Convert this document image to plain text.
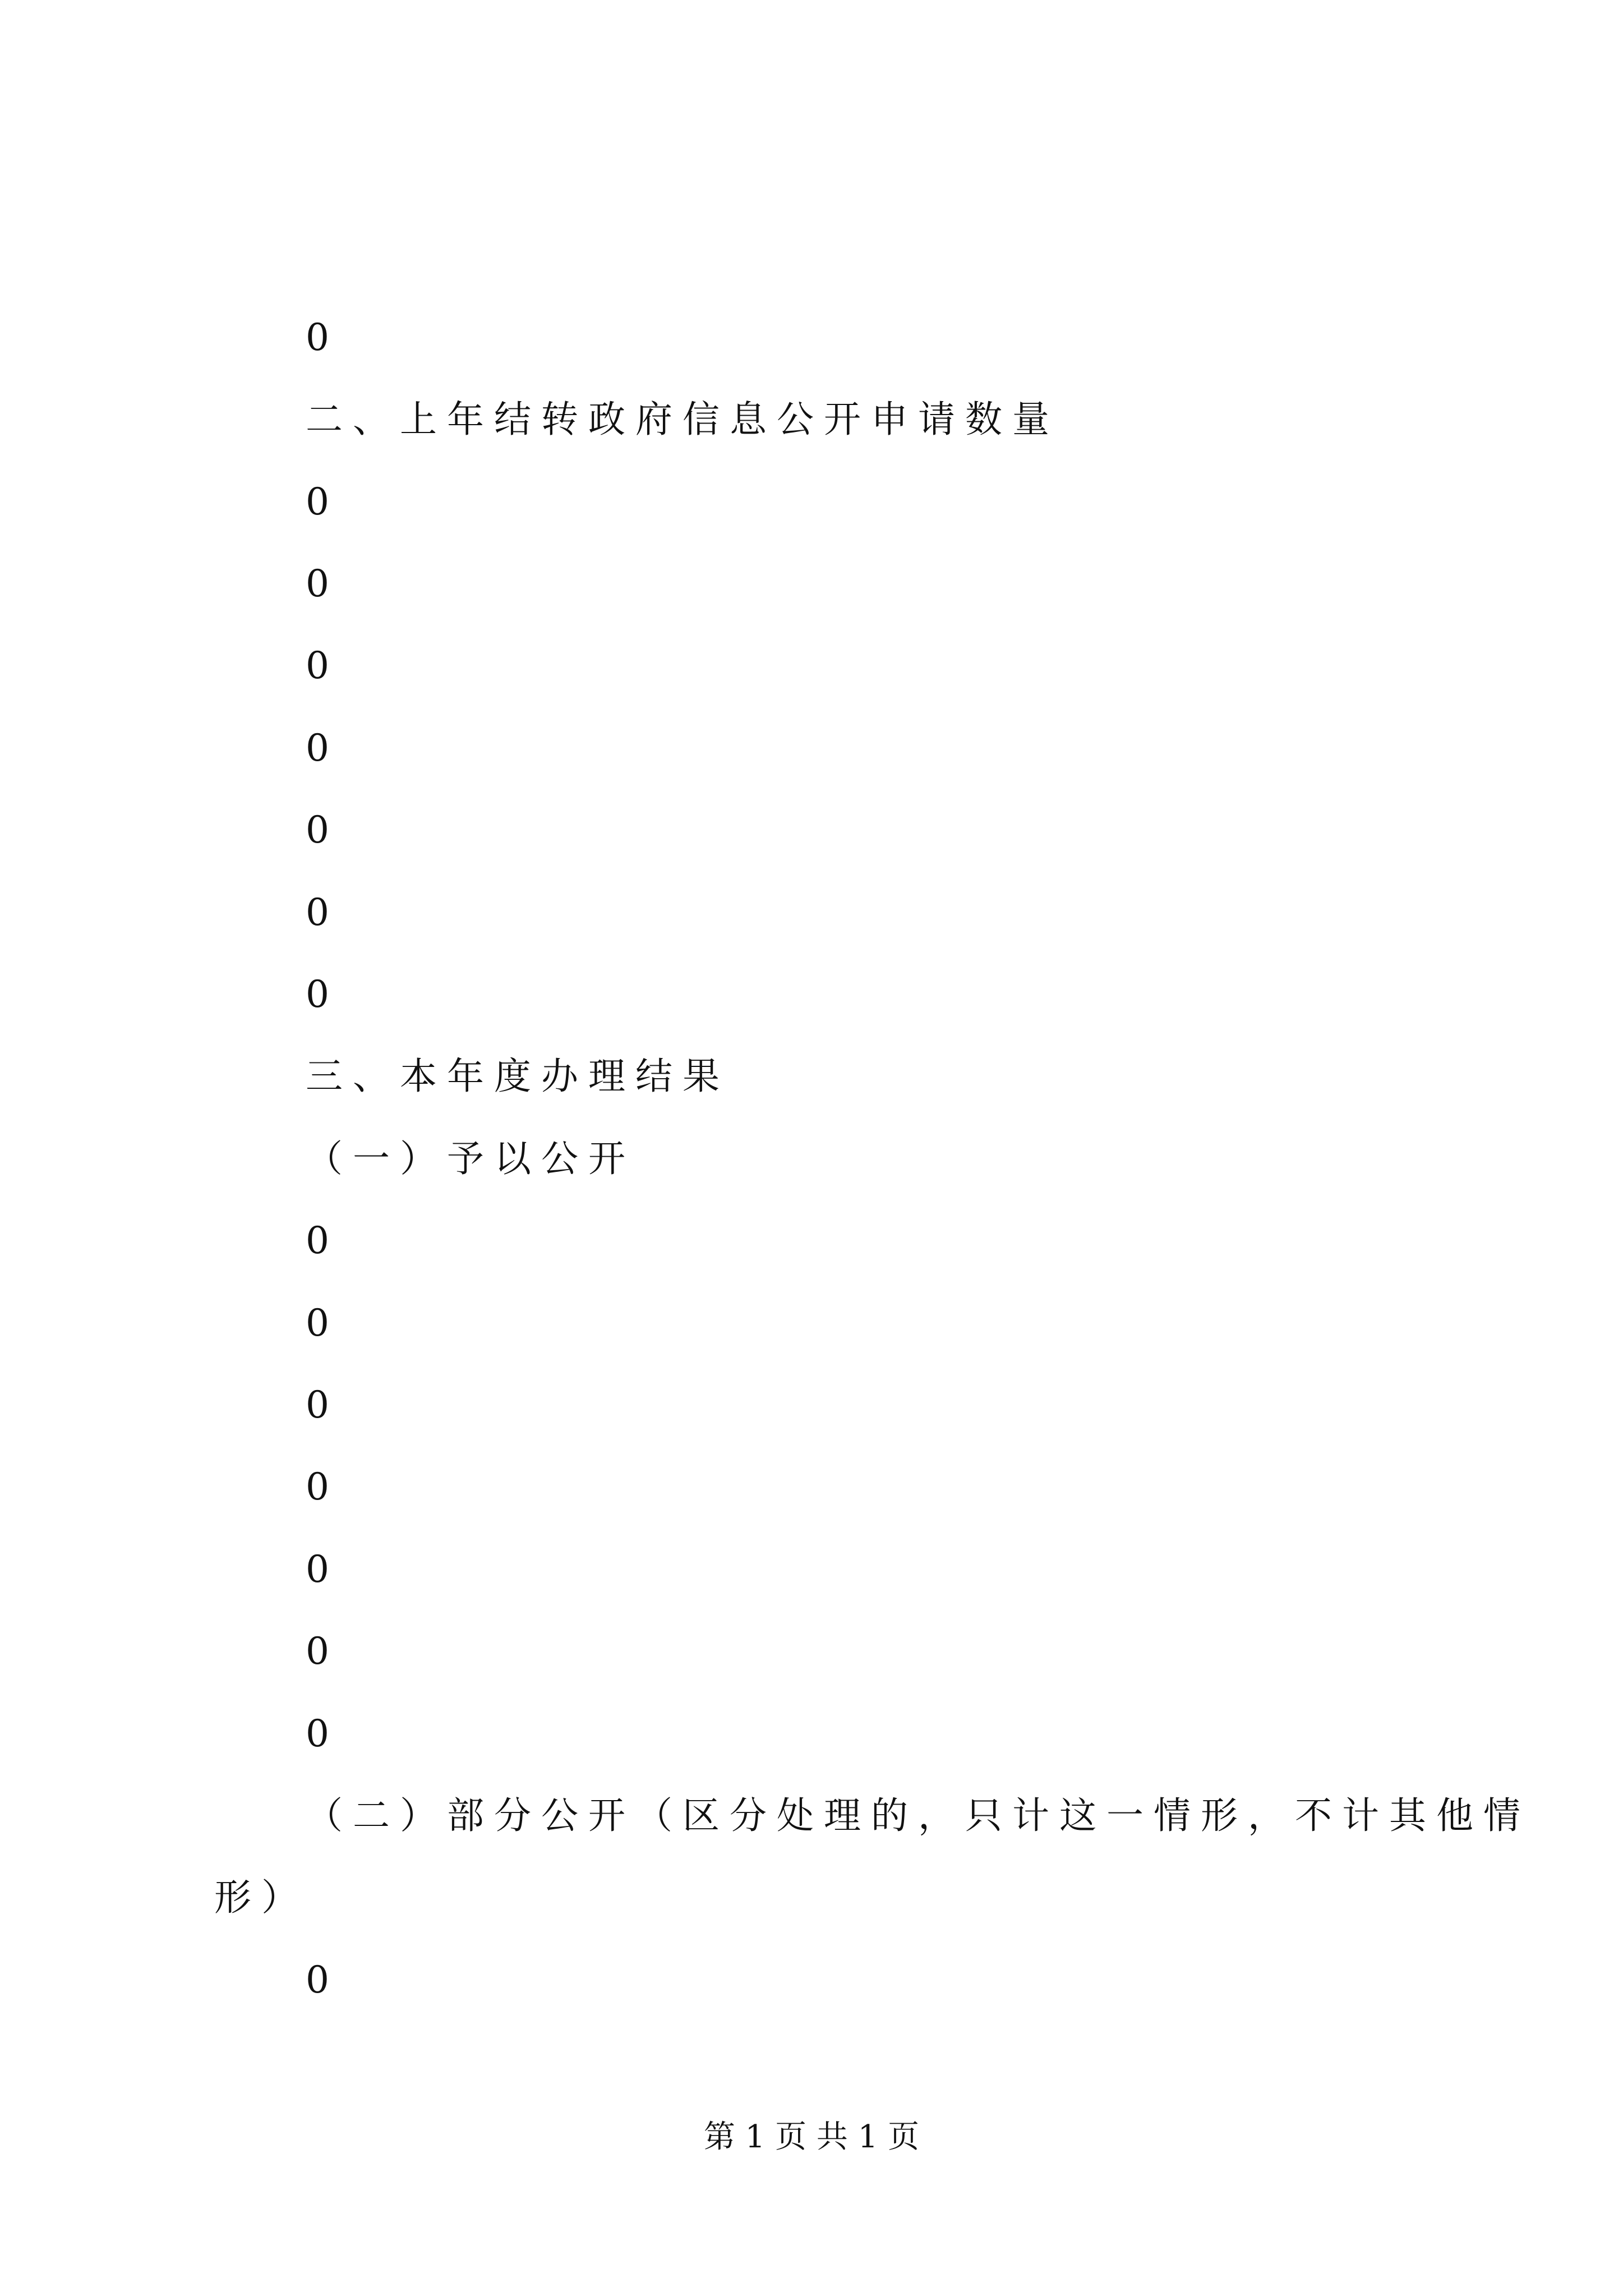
0
二、上年结转政府信息公开申请数量
0
0
0
0
0
0
0
三、本年度办理结果
（一）予以公开
0
0
0
0
0
0
0
（二）部分公开（区分处理的，只计这一情形，不计其他情
形）
0
第 1 页 共 1 页
